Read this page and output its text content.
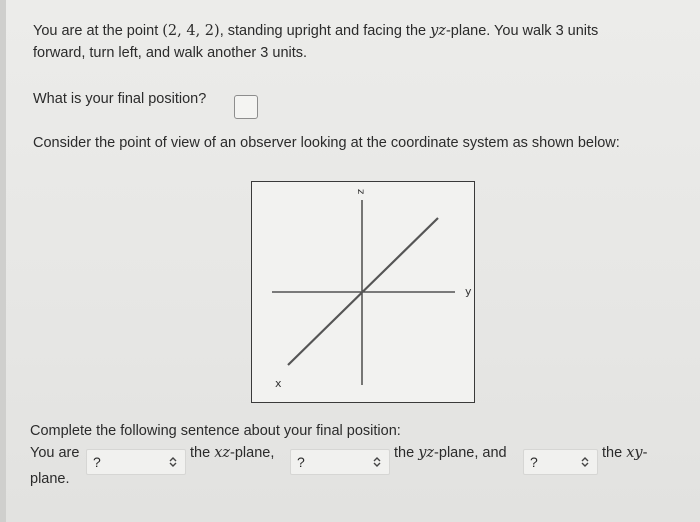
You are at the point (2, 4, 2), standing upright and facing the yz-plane. You walk 3 units
forward, turn left, and walk another 3 units.
What is your final position?
Consider the point of view of an observer looking at the coordinate system as shown below:
z
y
x
Complete the following sentence about your final position:
You are
?
the xz-plane,
?
the yz-plane, and
?
the xy-
plane.
